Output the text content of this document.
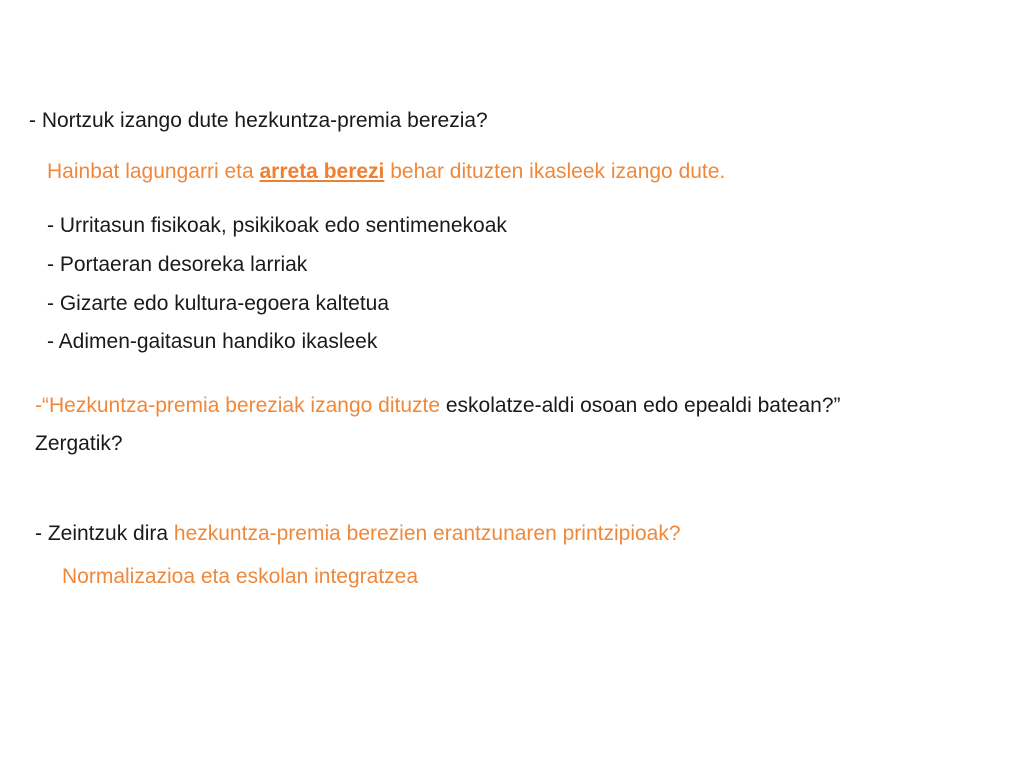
- Nortzuk izango dute hezkuntza-premia berezia?
Hainbat lagungarri eta arreta berezi behar dituzten ikasleek izango dute.
- Urritasun fisikoak, psikikoak edo sentimenekoak
- Portaeran desoreka larriak
- Gizarte edo kultura-egoera kaltetua
- Adimen-gaitasun handiko ikasleek
-“Hezkuntza-premia bereziak izango dituzte eskolatze-aldi osoan edo epealdi batean?”
Zergatik?
- Zeintzuk dira hezkuntza-premia berezien erantzunaren printzipioak?
Normalizazioa eta eskolan integratzea
